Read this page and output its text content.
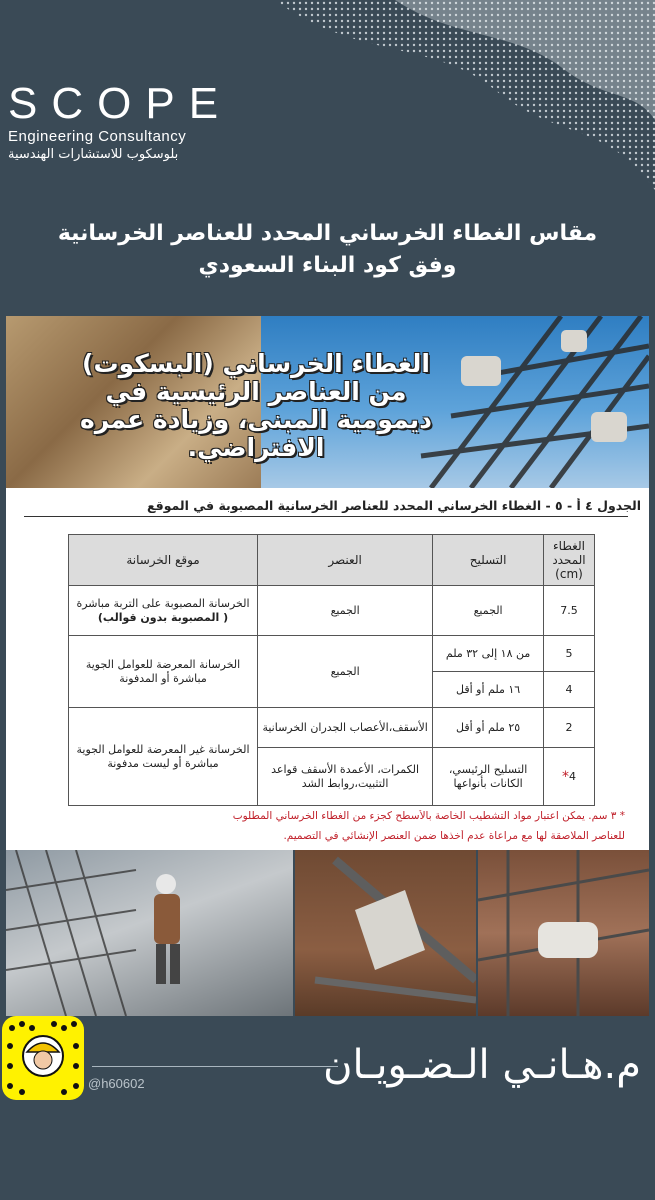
SCOPE
Engineering Consultancy
بلوسكوب للاستشارات الهندسية
مقاس الغطاء الخرساني المحدد للعناصر الخرسانية
وفق كود البناء السعودي
الغطاء الخرساني (البسكوت)
من العناصر الرئيسية في
ديمومية المبنى، وزيادة عمره
الافتراضي.
الجدول ٤ أ - ٥ - الغطاء الخرساني المحدد للعناصر الخرسانية المصبوبة في الموقع
الغطاء المحدد
(cm)	التسليح	العنصر	موقع الخرسانة
7.5	الجميع	الجميع	الخرسانة المصبوبة على التربة مباشرة
( المصبوبة بدون قوالب)

5	من ١٨ إلى ٣٢ ملم	الجميع	الخرسانة المعرضة للعوامل الجوية مباشرة أو المدفونة
4	١٦ ملم أو أقل		
2	٢٥ ملم أو أقل	الأسقف،الأعصاب الجدران الخرسانية	الخرسانة غير المعرضة للعوامل الجوية مباشرة أو ليست مدفونة
4*	التسليح الرئيسي، الكانات بأنواعها	الكمرات، الأعمدة الأسقف قواعد التثبيت،روابط الشد	
* ٣ سم. يمكن اعتبار مواد التشطيب الخاصة بالأسطح كجزء من الغطاء الخرساني المطلوب
للعناصر الملاصقة لها مع مراعاة عدم أخذها ضمن العنصر الإنشائي في التصميم.
@h60602	م.هـانـي الـضـويـان
